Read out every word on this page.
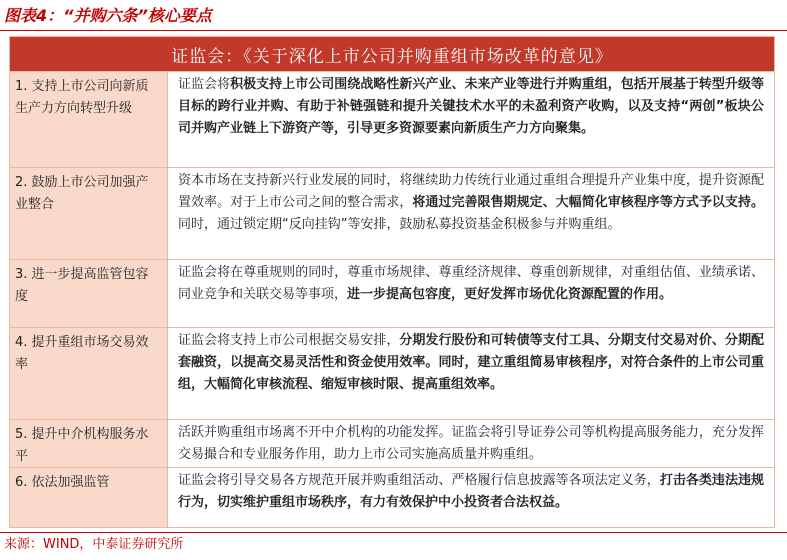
图表4：“并购六条”核心要点
证监会：《关于深化上市公司并购重组市场改革的意见》
1. 支持上市公司向新质生产力方向转型升级
证监会将积极支持上市公司围绕战略性新兴产业、未来产业等进行并购重组，包括开展基于转型升级等目标的跨行业并购、有助于补链强链和提升关键技术水平的未盈利资产收购，以及支持“两创”板块公司并购产业链上下游资产等，引导更多资源要素向新质生产力方向聚集。
2. 鼓励上市公司加强产业整合
资本市场在支持新兴行业发展的同时，将继续助力传统行业通过重组合理提升产业集中度，提升资源配置效率。对于上市公司之间的整合需求，将通过完善限售期规定、大幅简化审核程序等方式予以支持。同时，通过锁定期“反向挂钩”等安排，鼓励私募投资基金积极参与并购重组。
3. 进一步提高监管包容度
证监会将在尊重规则的同时，尊重市场规律、尊重经济规律、尊重创新规律，对重组估值、业绩承诺、同业竞争和关联交易等事项，进一步提高包容度，更好发挥市场优化资源配置的作用。
4. 提升重组市场交易效率
证监会将支持上市公司根据交易安排，分期发行股份和可转债等支付工具、分期支付交易对价、分期配套融资，以提高交易灵活性和资金使用效率。同时，建立重组简易审核程序，对符合条件的上市公司重组，大幅简化审核流程、缩短审核时限、提高重组效率。
5. 提升中介机构服务水平
活跃并购重组市场离不开中介机构的功能发挥。证监会将引导证券公司等机构提高服务能力，充分发挥交易撮合和专业服务作用，助力上市公司实施高质量并购重组。
6. 依法加强监管	证监会将引导交易各方规范开展并购重组活动、严格履行信息披露等各项法定义务，打击各类违法违规行为，切实维护重组市场秩序，有力有效保护中小投资者合法权益。
来源：WIND，中泰证券研究所
